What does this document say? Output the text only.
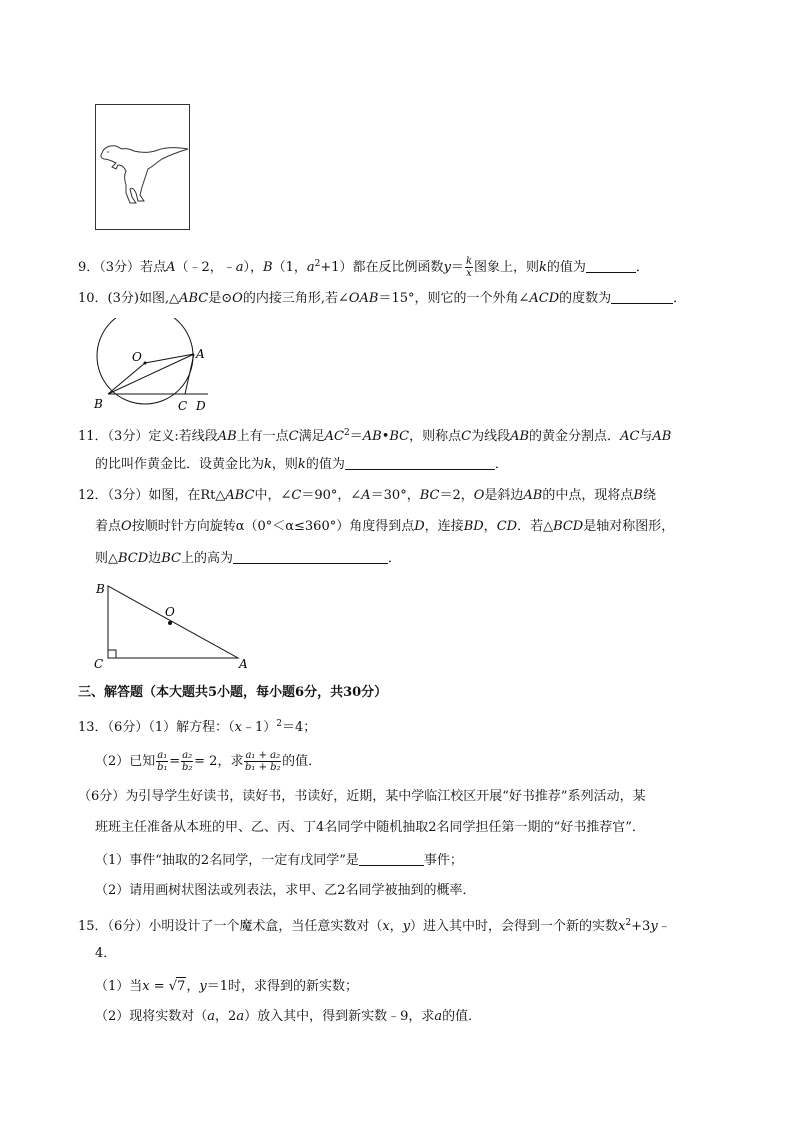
9．（3分）若点A（﹣2，﹣a），B（1，$a^2+1$）都在反比例函数$y= \frac{k}{x}$ 图象上，则k的值为	．
10．(3分)如图,△ABC是⊙O的内接三角形,若∠OAB＝15°，则它的一个外角∠ACD的度数为	．
O	A
B	C D
11．（3分）定义:若线段AB上有一点C满足$AC^2=AB•BC$，则称点C为线段AB的黄金分割点．AC与AB
的比叫作黄金比．设黄金比为k，则k的值为	．
12．（3分）如图，在Rt△ABC中，∠C＝90°，∠A＝30°，BC＝2，O是斜边AB的中点，现将点B绕
着点O按顺时针方向旋转α（0°＜α≤360°）角度得到点D，连接BD，CD．若△BCD是轴对称图形，
则△BCD边BC上的高为	．
B
O
C	A
三、解答题（本大题共5小题，每小题6分，共30分）
13．（6分）（1）解方程：（x﹣1）$^2$＝4；
（2）已知 $\frac{\text{a₁}}{\text{b₁}} = \frac{\text{a₂}}{\text{b₂}} = 2$，求 $\frac{\text{a₁ + a₂}}{\text{b₁ + b₂}}$ 的值．
（6分）为引导学生好读书，读好书，书读好，近期，某中学临江校区开展“好书推荐”系列活动，某
班班主任准备从本班的甲、乙、丙、丁4名同学中随机抽取2名同学担任第一期的“好书推荐官”．
（1）事件“抽取的2名同学，一定有戊同学”是	事件；
（2）请用画树状图法或列表法，求甲、乙2名同学被抽到的概率．
15．（6分）小明设计了一个魔术盒，当任意实数对（x，y）进入其中时，会得到一个新的实数$x^2+3y﹣$
4．
（1）当x = √7，y＝1时，求得到的新实数；
（2）现将实数对（a，2a）放入其中，得到新实数﹣9，求a的值．
